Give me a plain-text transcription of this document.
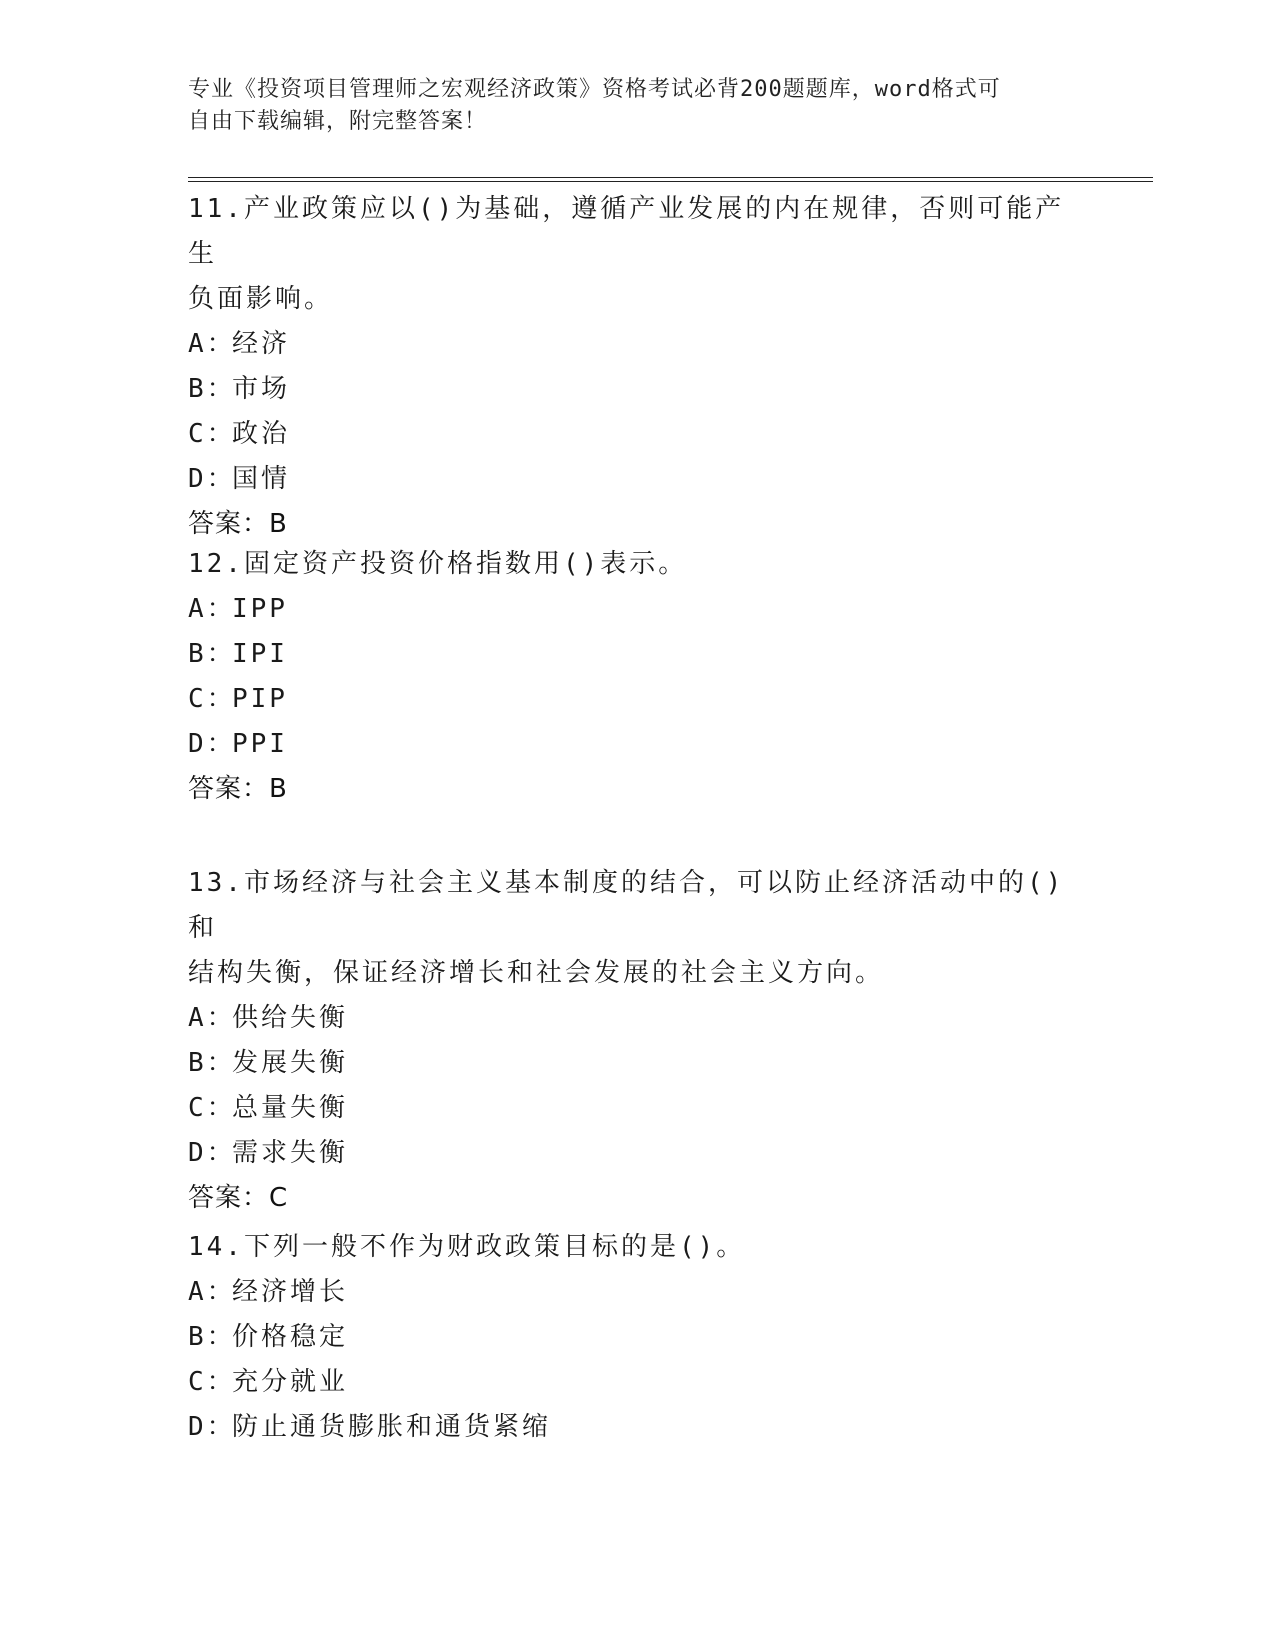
专业《投资项目管理师之宏观经济政策》资格考试必背200题题库，word格式可
自由下载编辑，附完整答案！

11.产业政策应以()为基础，遵循产业发展的内在规律，否则可能产生

负面影响。

A：
经济
B：
市场
C：
政治
D：
国情
答案：B

12.固定资产投资价格指数用()表示。

A：
IPP
B：
IPI
C：
PIP
D：
PPI
答案：B

13.市场经济与社会主义基本制度的结合，可以防止经济活动中的()和

结构失衡，保证经济增长和社会发展的社会主义方向。

A：
供给失衡
B：
发展失衡
C：
总量失衡
D：
需求失衡
答案：C

14.下列一般不作为财政政策目标的是()。

A：
经济增长
B：
价格稳定
C：
充分就业
D：
防止通货膨胀和通货紧缩
